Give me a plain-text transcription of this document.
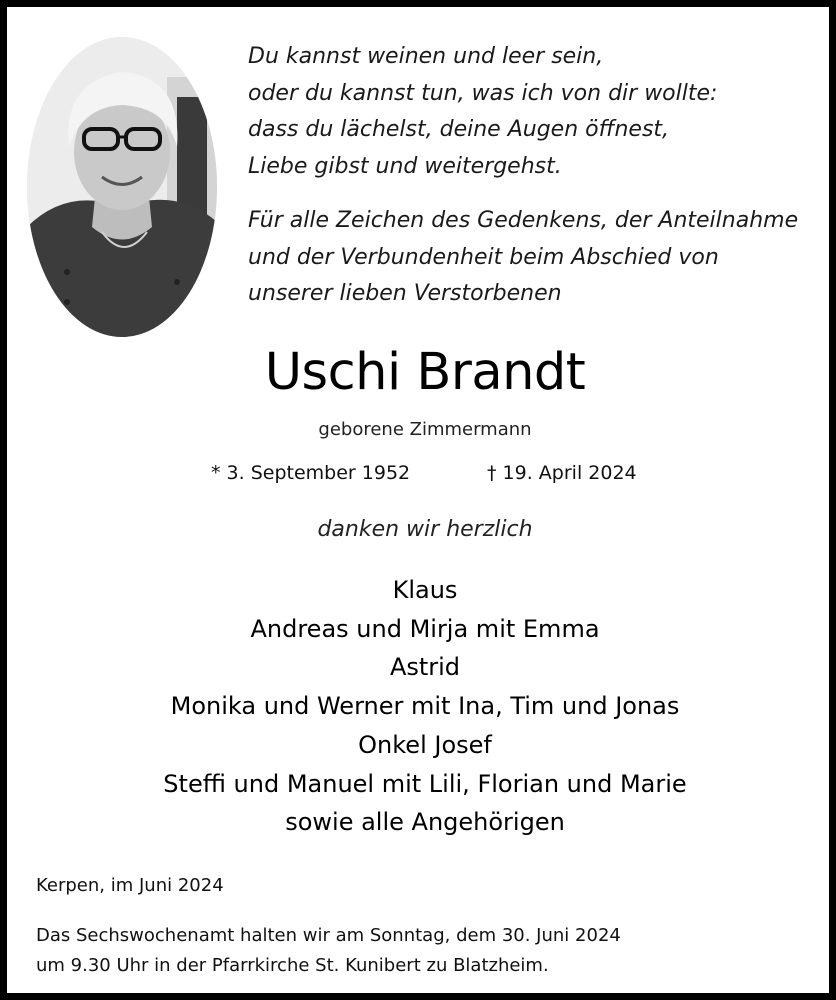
Du kannst weinen und leer sein,
oder du kannst tun, was ich von dir wollte:
dass du lächelst, deine Augen öffnest,
Liebe gibst und weitergehst.
Für alle Zeichen des Gedenkens, der Anteilnahme
und der Verbundenheit beim Abschied von
unserer lieben Verstorbenen
Uschi Brandt
geborene Zimmermann
* 3. September 1952	† 19. April 2024
danken wir herzlich
Klaus
Andreas und Mirja mit Emma
Astrid
Monika und Werner mit Ina, Tim und Jonas
Onkel Josef
Steffi und Manuel mit Lili, Florian und Marie
sowie alle Angehörigen
Kerpen, im Juni 2024
Das Sechswochenamt halten wir am Sonntag, dem 30. Juni 2024
um 9.30 Uhr in der Pfarrkirche St. Kunibert zu Blatzheim.
